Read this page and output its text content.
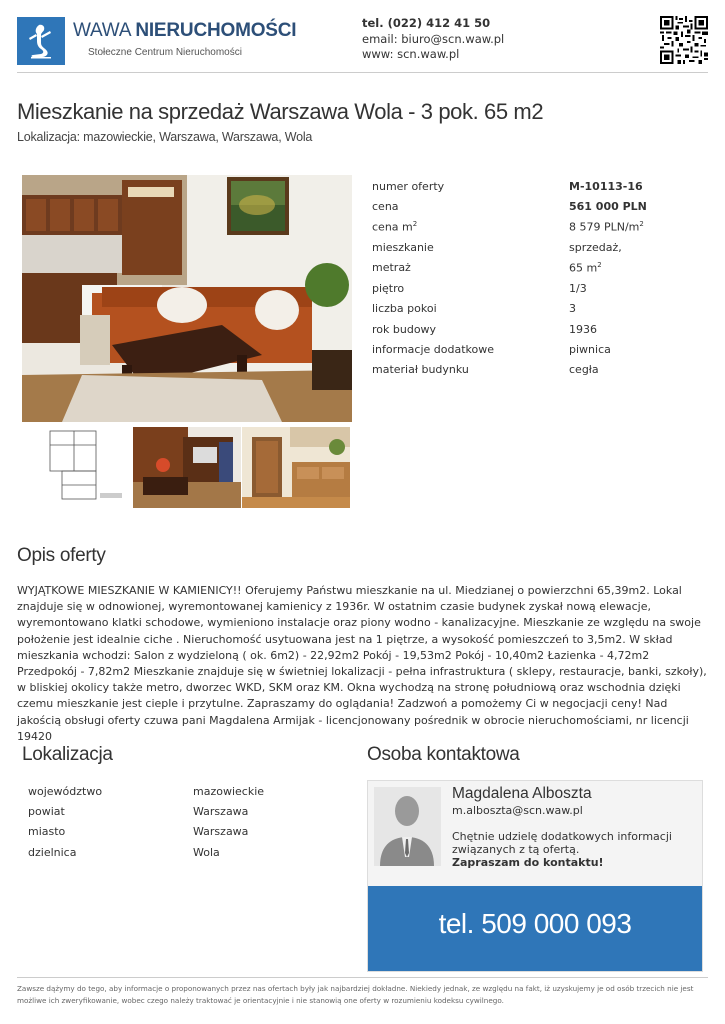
WAWA NIERUCHOMOŚCI
Stołeczne Centrum Nieruchomości
tel. (022) 412 41 50
email: biuro@scn.waw.pl
www: scn.waw.pl
Mieszkanie na sprzedaż Warszawa Wola - 3 pok. 65 m2
Lokalizacja: mazowieckie, Warszawa, Warszawa, Wola
numer oferty	M-10113-16
cena	561 000 PLN
cena $m^2$	8 579 PLN/$m^2$
mieszkanie	sprzedaż,
metraż	65 $m^2$
piętro	1/3
liczba pokoi	3
rok budowy	1936
informacje dodatkowe	piwnica
materiał budynku	cegła
Opis oferty
WYJĄTKOWE MIESZKANIE W KAMIENICY!! Oferujemy Państwu mieszkanie na ul. Miedzianej o powierzchni 65,39m2. Lokal znajduje się w odnowionej, wyremontowanej kamienicy z 1936r. W ostatnim czasie budynek zyskał nową elewacje, wyremontowano klatki schodowe, wymieniono instalacje oraz piony wodno - kanalizacyjne. Mieszkanie ze względu na swoje położenie jest idealnie ciche . Nieruchomość usytuowana jest na 1 piętrze, a wysokość pomieszczeń to 3,5m2. W skład mieszkania wchodzi: Salon z wydzieloną ( ok. 6m2) - 22,92m2 Pokój - 19,53m2 Pokój - 10,40m2 Łazienka - 4,72m2 Przedpokój - 7,82m2 Mieszkanie znajduje się w świetniej lokalizacji - pełna infrastruktura ( sklepy, restauracje, banki, szkoły), w bliskiej okolicy także metro, dworzec WKD, SKM oraz KM. Okna wychodzą na stronę południową oraz wschodnia dzięki czemu mieszkanie jest cieple i przytulne. Zapraszamy do oglądania! Zadzwoń a pomożemy Ci w negocjacji ceny! Nad jakością obsługi oferty czuwa pani Magdalena Armijak - licencjonowany pośrednik w obrocie nieruchomościami, nr licencji 19420
Lokalizacja
województwo	mazowieckie
powiat	Warszawa
miasto	Warszawa
dzielnica	Wola
Osoba kontaktowa
Magdalena Alboszta
m.alboszta@scn.waw.pl
Chętnie udzielę dodatkowych informacji związanych z tą ofertą.
Zapraszam do kontaktu!
tel. 509 000 093
Zawsze dążymy do tego, aby informacje o proponowanych przez nas ofertach były jak najbardziej dokładne. Niekiedy jednak, ze względu na fakt, iż uzyskujemy je od osób trzecich nie jest możliwe ich zweryfikowanie, wobec czego należy traktować je orientacyjnie i nie stanowią one oferty w rozumieniu kodeksu cywilnego.
